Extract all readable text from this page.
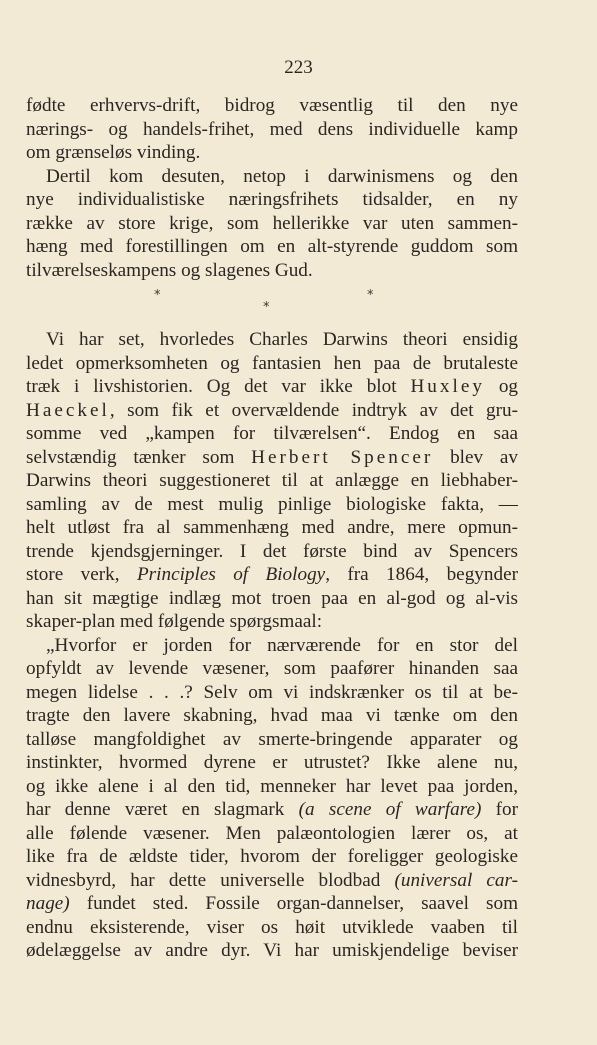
223
fødte erhvervs-drift, bidrog væsentlig til den nye
nærings- og handels-frihet, med dens individuelle kamp
om grænseløs vinding.
Dertil kom desuten, netop i darwinismens og den
nye individualistiske næringsfrihets tidsalder, en ny
række av store krige, som hellerikke var uten sammen-
hæng med forestillingen om en alt-styrende guddom som
tilværelseskampens og slagenes Gud.
*	*
*
Vi har set, hvorledes Charles Darwins theori ensidig
ledet opmerksomheten og fantasien hen paa de brutaleste
træk i livshistorien. Og det var ikke blot Huxley og
Haeckel, som fik et overvældende indtryk av det gru-
somme ved „kampen for tilværelsen“. Endog en saa
selvstændig tænker som Herbert Spencer blev av
Darwins theori suggestioneret til at anlægge en liebhaber-
samling av de mest mulig pinlige biologiske fakta, —
helt utløst fra al sammenhæng med andre, mere opmun-
trende kjendsgjerninger. I det første bind av Spencers
store verk, Principles of Biology, fra 1864, begynder
han sit mægtige indlæg mot troen paa en al-god og al-vis
skaper-plan med følgende spørgsmaal:
„Hvorfor er jorden for nærværende for en stor del
opfyldt av levende væsener, som paafører hinanden saa
megen lidelse . . .? Selv om vi indskrænker os til at be-
tragte den lavere skabning, hvad maa vi tænke om den
talløse mangfoldighet av smerte-bringende apparater og
instinkter, hvormed dyrene er utrustet? Ikke alene nu,
og ikke alene i al den tid, menneker har levet paa jorden,
har denne været en slagmark (a scene of warfare) for
alle følende væsener. Men palæontologien lærer os, at
like fra de ældste tider, hvorom der foreligger geologiske
vidnesbyrd, har dette universelle blodbad (universal car-
nage) fundet sted. Fossile organ-dannelser, saavel som
endnu eksisterende, viser os høit utviklede vaaben til
ødelæggelse av andre dyr. Vi har umiskjendelige beviser
